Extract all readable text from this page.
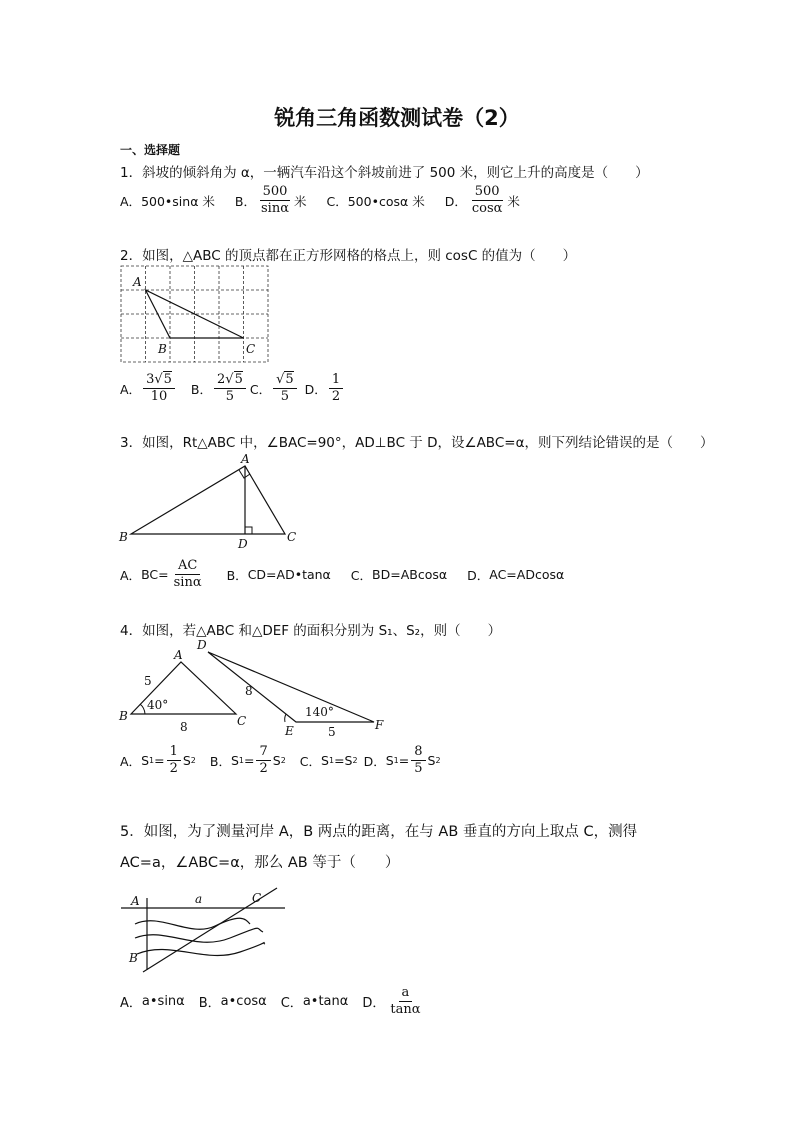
锐角三角函数测试卷（2）
一、选择题
1．斜坡的倾斜角为 α，一辆汽车沿这个斜坡前进了 500 米，则它上升的高度是（　　）
A． 500•sinα 米 B． $\frac{500}{\sin\alpha}$ 米 C． 500•cosα 米 D． $\frac{500}{\cos\alpha}$ 米
2．如图，△ABC 的顶点都在正方形网格的格点上，则 cosC 的值为（　　）
A
B	C
A． $\frac{3√5}{10}$ B． $\frac{2√5}{5}$ C． $\frac{√5}{5}$ D． $\frac{1}{2}$
3．如图，Rt△ABC 中，∠BAC=90°，AD⊥BC 于 D，设∠ABC=α，则下列结论错误的是（　　）
A
B	C
D
A． $BC= \frac{AC}{\sin\alpha}$ B． CD=AD•tanα C． BD=ABcosα D． AC=ADcosα
4．如图，若△ABC 和△DEF 的面积分别为 S₁、S₂，则（　　）
A
B	C
5
8
40°
D
E	F
8
5
140°
A． S $1 = \frac{1}{2}$ S 2 B． S $1 = \frac{7}{2}$ S 2 C． S 1 = S 2 D． S $1 = \frac{8}{5}$ S 2
5．如图，为了测量河岸 A，B 两点的距离，在与 AB 垂直的方向上取点 C，测得
AC=a，∠ABC=α，那么 AB 等于（　　）
A
B
C
a
A． a•sinα B． a•cosα C． a•tanα D． $\frac{a}{\tan\alpha}$
